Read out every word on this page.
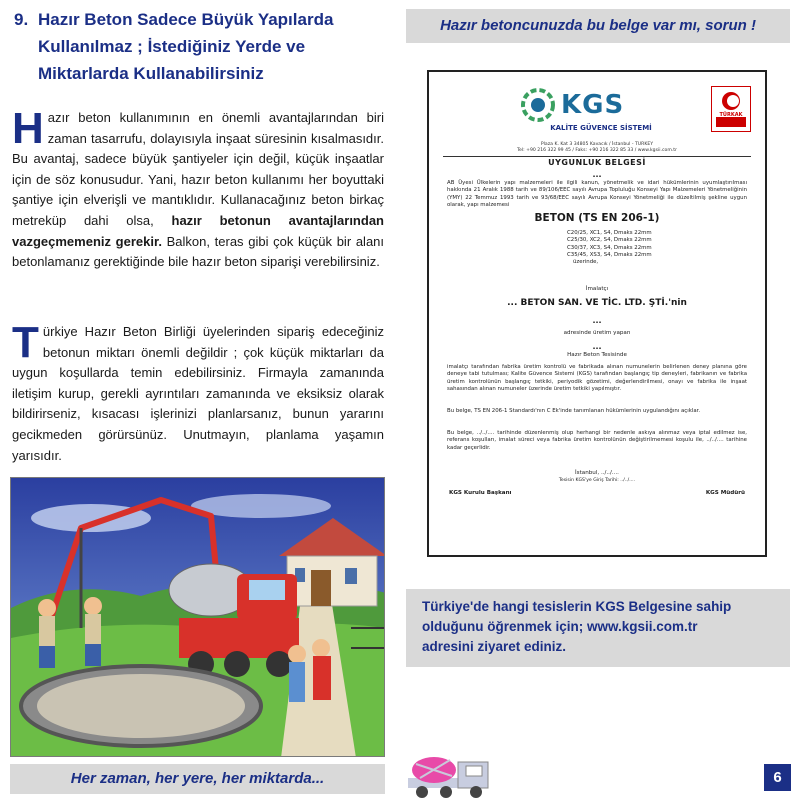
9. Hazır Beton Sadece Büyük Yapılarda
Kullanılmaz ; İstediğiniz Yerde ve
Miktarlarda Kullanabilirsiniz

Hazır beton kullanımının en önemli avantajlarından biri zaman tasarrufu, dolayısıyla inşaat süresinin kısalmasıdır. Bu avantaj, sadece büyük şantiyeler için değil, küçük inşaatlar için de söz konusudur. Yani, hazır beton kullanımı her boyuttaki şantiye için elverişli ve mantıklıdır. Kullanacağınız beton birkaç metreküp dahi olsa, hazır betonun avantajlarından vazgeçmemeniz gerekir. Balkon, teras gibi çok küçük bir alanı betonlamanız gerektiğinde bile hazır beton siparişi verebilirsiniz.

Türkiye Hazır Beton Birliği üyelerinden sipariş edeceğiniz betonun miktarı önemli değildir ; çok küçük miktarları da uygun koşullarda temin edebilirsiniz. Firmayla zamanında iletişim kurup, gerekli ayrıntıları zamanında ve eksiksiz olarak bildirirseniz, kısacası işlerinizi planlarsanız, bunun yararını gecikmeden görürsünüz. Unutmayın, planlama yaşamın yarısıdır.

Her zaman, her yere, her miktarda...
Hazır betoncunuzda bu belge var mı, sorun !
KGS
KALİTE GÜVENCE SİSTEMİ
TÜRKAK
Plaza K. Kat 3 34805 Kavacık / İstanbul - TURKEY
Tel: +90 216 322 99 45 / Faks: +90 216 322 85 33 / www.kgsii.com.tr
UYGUNLUK BELGESİ
...
AB Üyesi Ülkelerin yapı malzemeleri ile ilgili kanun, yönetmelik ve idari hükümlerinin uyumlaştırılması hakkında 21 Aralık 1988 tarih ve 89/106/EEC sayılı Avrupa Topluluğu Konseyi Yapı Malzemeleri Yönetmeliğinin (YMY) 22 Temmuz 1993 tarih ve 93/68/EEC sayılı Avrupa Konseyi Yönetmeliği ile düzeltilmiş şekline uygun olarak, yapı malzemesi
BETON (TS EN 206-1)
C20/25, XC1, S4, Dmaks 22mm
C25/30, XC2, S4, Dmaks 22mm
C30/37, XC3, S4, Dmaks 22mm
C35/45, XS3, S4, Dmaks 22mm
üzerinde,
İmalatçı
... BETON SAN. VE TİC. LTD. ŞTİ.'nin
...
adresinde üretim yapan
...
Hazır Beton Tesisinde
imalatçı tarafından fabrika üretim kontrolü ve fabrikada alınan numunelerin belirlenen deney planına göre deneye tabi tutulması; Kalite Güvence Sistemi (KGS) tarafından başlangıç tip deneyleri, fabrikanın ve fabrika üretim kontrolünün başlangıç tetkiki, periyodik gözetimi, değerlendirilmesi, onayı ve fabrika ile inşaat sahasından alınan numuneler üzerinde üretim tetkiki yapılmıştır.
Bu belge, TS EN 206-1 Standardı'nın C Ek'inde tanımlanan hükümlerinin uygulandığını açıklar.
Bu belge, ../../.... tarihinde düzenlenmiş olup herhangi bir nedenle askıya alınmaz veya iptal edilmez ise, referans koşulları, imalat süreci veya fabrika üretim kontrolünün değiştirilmemesi koşulu ile, ../../.... tarihine kadar geçerlidir.
İstanbul, ../../....
Tesisin KGS'ye Giriş Tarihi: ../../....
KGS Kurulu Başkanı	KGS Müdürü
Türkiye'de hangi tesislerin KGS Belgesine sahip
olduğunu öğrenmek için; www.kgsii.com.tr
adresini ziyaret ediniz.
6
